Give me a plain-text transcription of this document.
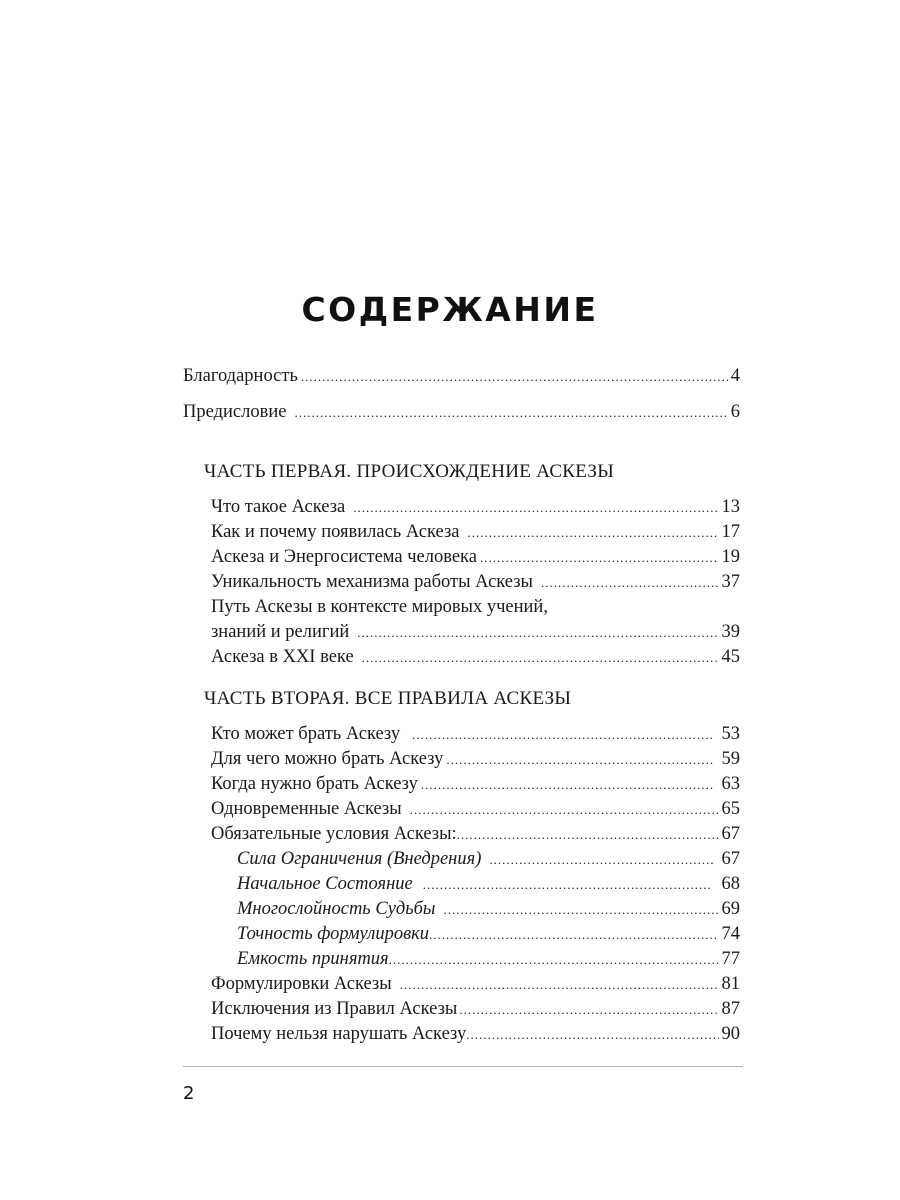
СОДЕРЖАНИЕ
Благодарность .....	4
Предисловие .....	6
ЧАСТЬ ПЕРВАЯ. ПРОИСХОЖДЕНИЕ АСКЕЗЫ
Что такое Аскеза .....	13
Как и почему появилась Аскеза .....	17
Аскеза и Энергосистема человека .....	19
Уникальность механизма работы Аскезы .....	37
Путь Аскезы в контексте мировых учений,
знаний и религий .....	39
Аскеза в XXI веке .....	45
ЧАСТЬ ВТОРАЯ. ВСЕ ПРАВИЛА АСКЕЗЫ
Кто может брать Аскезу .....	53
Для чего можно брать Аскезу .....	59
Когда нужно брать Аскезу .....	63
Одновременные Аскезы .....	65
Обязательные условия Аскезы: .....	67
Сила Ограничения (Внедрения) .....	67
Начальное Состояние .....	68
Многослойность Судьбы .....	69
Точность формулировки .....	74
Емкость принятия .....	77
Формулировки Аскезы .....	81
Исключения из Правил Аскезы .....	87
Почему нельзя нарушать Аскезу .....	90
2
